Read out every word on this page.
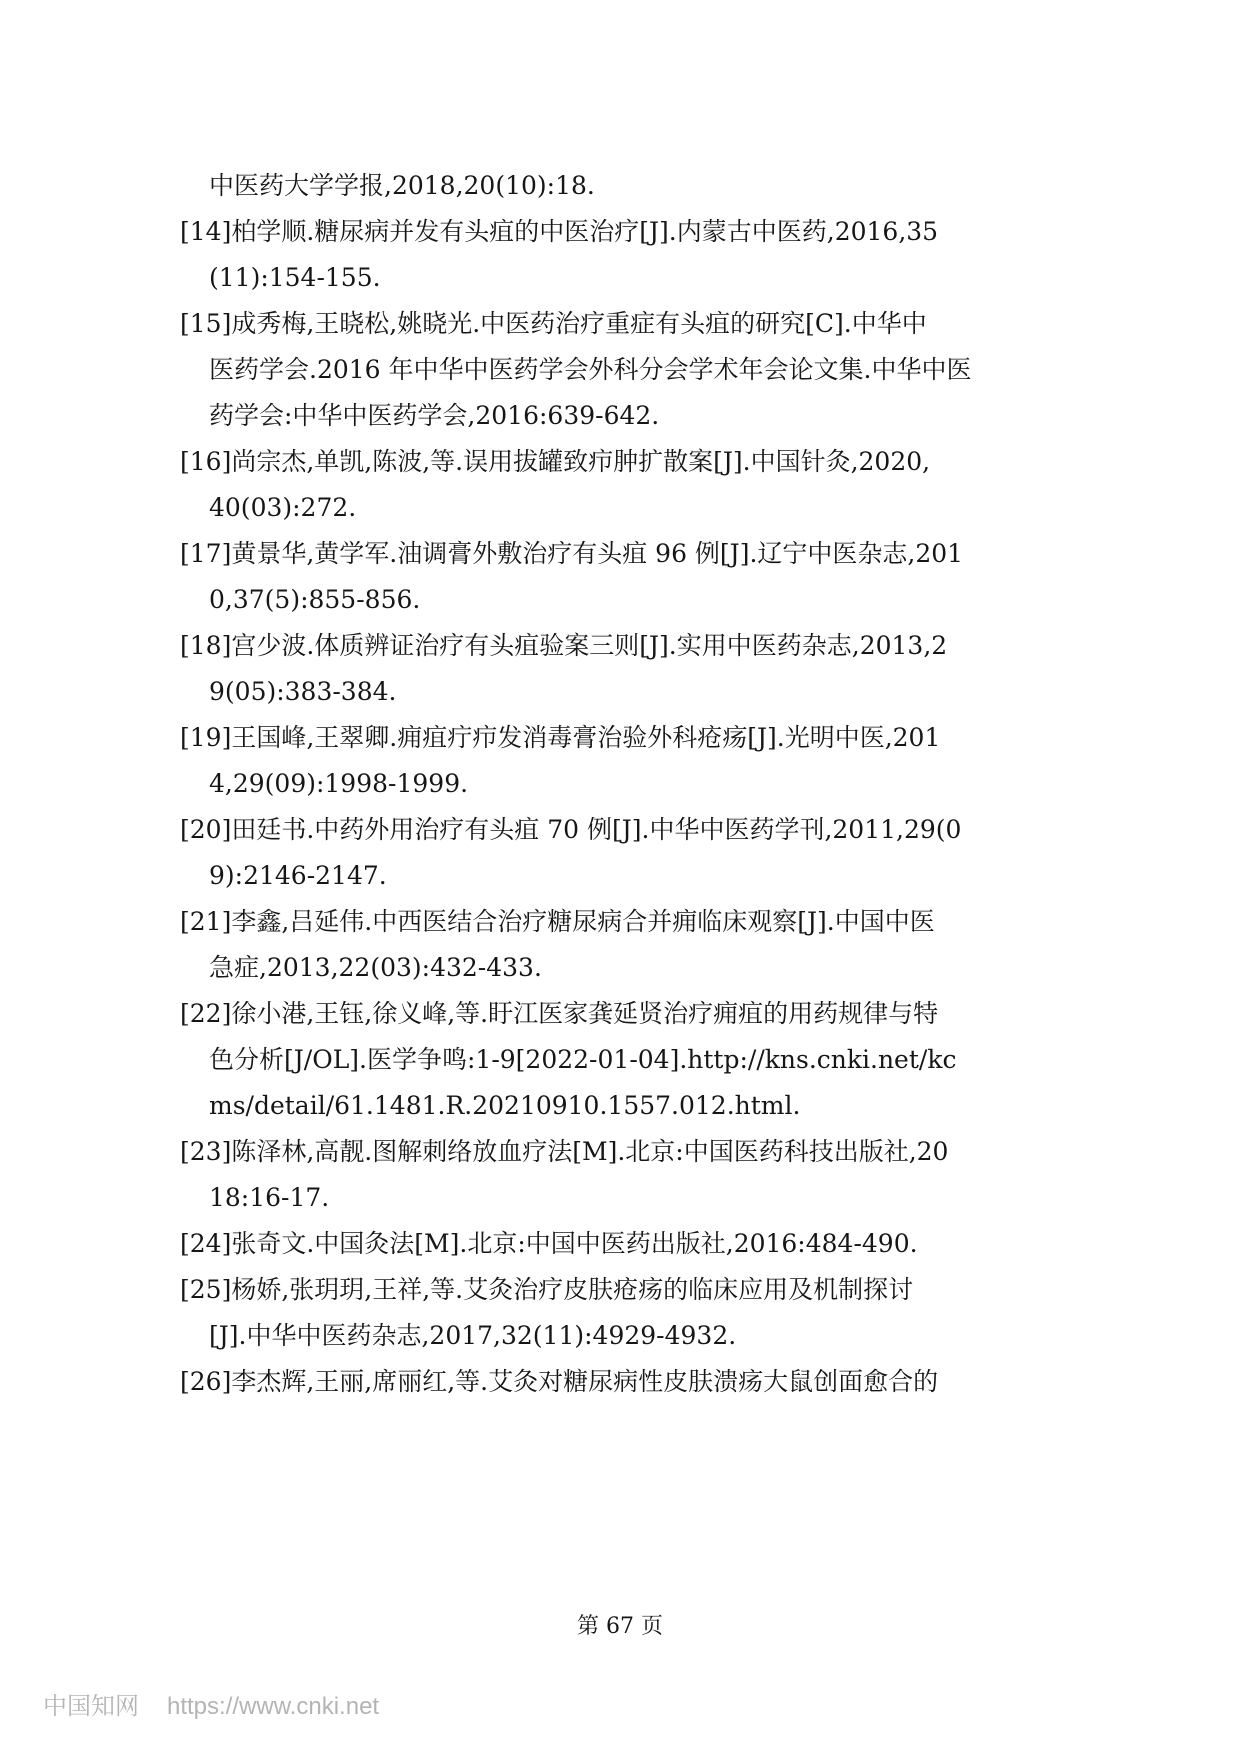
中医药大学学报,2018,20(10):18.
[14]柏学顺.糖尿病并发有头疽的中医治疗[J].内蒙古中医药,2016,35
(11):154-155.
[15]成秀梅,王晓松,姚晓光.中医药治疗重症有头疽的研究[C].中华中
医药学会.2016 年中华中医药学会外科分会学术年会论文集.中华中医
药学会:中华中医药学会,2016:639-642.
[16]尚宗杰,单凯,陈波,等.误用拔罐致疖肿扩散案[J].中国针灸,2020,
40(03):272.
[17]黄景华,黄学军.油调膏外敷治疗有头疽 96 例[J].辽宁中医杂志,201
0,37(5):855-856.
[18]宫少波.体质辨证治疗有头疽验案三则[J].实用中医药杂志,2013,2
9(05):383-384.
[19]王国峰,王翠卿.痈疽疔疖发消毒膏治验外科疮疡[J].光明中医,201
4,29(09):1998-1999.
[20]田廷书.中药外用治疗有头疽 70 例[J].中华中医药学刊,2011,29(0
9):2146-2147.
[21]李鑫,吕延伟.中西医结合治疗糖尿病合并痈临床观察[J].中国中医
急症,2013,22(03):432-433.
[22]徐小港,王钰,徐义峰,等.盱江医家龚延贤治疗痈疽的用药规律与特
色分析[J/OL].医学争鸣:1-9[2022-01-04].http://kns.cnki.net/kc
ms/detail/61.1481.R.20210910.1557.012.html.
[23]陈泽林,高靓.图解刺络放血疗法[M].北京:中国医药科技出版社,20
18:16-17.
[24]张奇文.中国灸法[M].北京:中国中医药出版社,2016:484-490.
[25]杨娇,张玥玥,王祥,等.艾灸治疗皮肤疮疡的临床应用及机制探讨
[J].中华中医药杂志,2017,32(11):4929-4932.
[26]李杰辉,王丽,席丽红,等.艾灸对糖尿病性皮肤溃疡大鼠创面愈合的
第 67 页
中国知网 https://www.cnki.net
